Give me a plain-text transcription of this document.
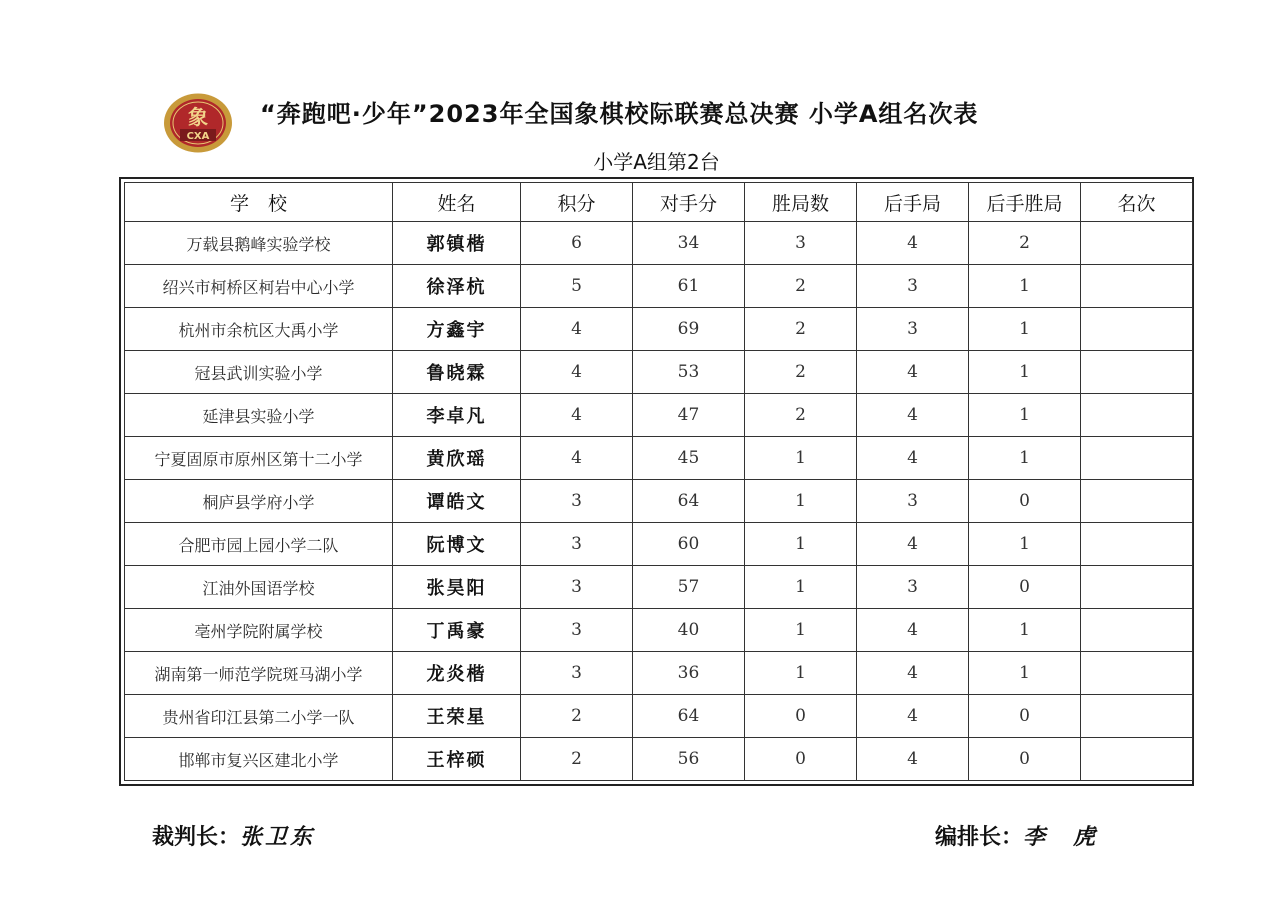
象
CXA
“奔跑吧·少年”2023年全国象棋校际联赛总决赛 小学A组名次表
小学A组第2台
学　校	姓名	积分	对手分	胜局数	后手局	后手胜局	名次
万载县鹅峰实验学校	郭镇楷	6	34	3	4	2	
绍兴市柯桥区柯岩中心小学	徐泽杭	5	61	2	3	1	
杭州市余杭区大禹小学	方鑫宇	4	69	2	3	1	
冠县武训实验小学	鲁晓霖	4	53	2	4	1	
延津县实验小学	李卓凡	4	47	2	4	1	
宁夏固原市原州区第十二小学	黄欣瑶	4	45	1	4	1	
桐庐县学府小学	谭皓文	3	64	1	3	0	
合肥市园上园小学二队	阮博文	3	60	1	4	1	
江油外国语学校	张昊阳	3	57	1	3	0	
亳州学院附属学校	丁禹豪	3	40	1	4	1	
湖南第一师范学院斑马湖小学	龙炎楷	3	36	1	4	1	
贵州省印江县第二小学一队	王荣星	2	64	0	4	0	
邯郸市复兴区建北小学	王梓硕	2	56	0	4	0	
裁判长：张卫东	编排长：李　虎
